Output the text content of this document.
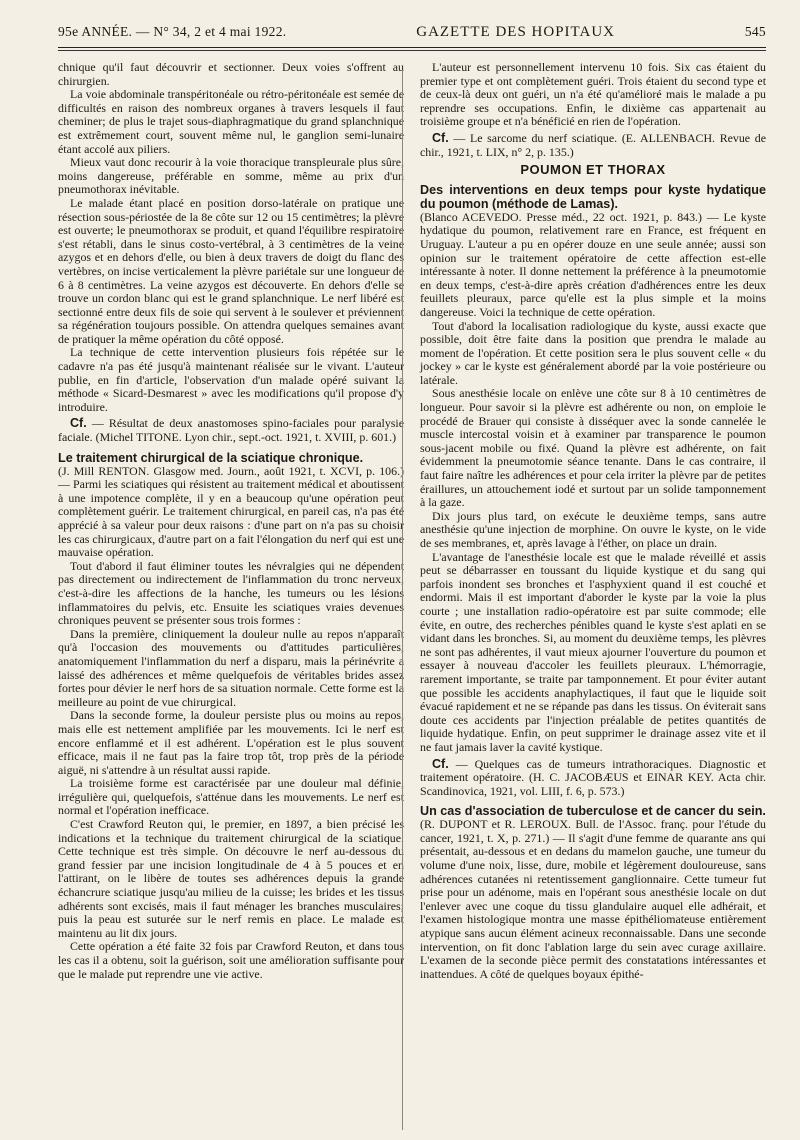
95e ANNÉE. — N° 34, 2 et 4 mai 1922.	GAZETTE DES HOPITAUX	545

chnique qu'il faut découvrir et sectionner. Deux voies s'offrent au chirurgien.

La voie abdominale transpéritonéale ou rétro-péritonéale est semée de difficultés en raison des nombreux organes à travers lesquels il faut cheminer; de plus le trajet sous-diaphragmatique du grand splanchnique est extrêmement court, souvent même nul, le ganglion semi-lunaire étant accolé aux piliers.

Mieux vaut donc recourir à la voie thoracique transpleurale plus sûre, moins dangereuse, préférable en somme, même au prix d'un pneumothorax inévitable.

Le malade étant placé en position dorso-latérale on pratique une résection sous-périostée de la 8e côte sur 12 ou 15 centimètres; la plèvre est ouverte; le pneumothorax se produit, et quand l'équilibre respiratoire s'est rétabli, dans le sinus costo-vertébral, à 3 centimètres de la veine azygos et en dehors d'elle, ou bien à deux travers de doigt du flanc des vertèbres, on incise verticalement la plèvre pariétale sur une longueur de 6 à 8 centimètres. La veine azygos est découverte. En dehors d'elle se trouve un cordon blanc qui est le grand splanchnique. Le nerf libéré est sectionné entre deux fils de soie qui servent à le soulever et préviennent sa régénération toujours possible. On attendra quelques semaines avant de pratiquer la même opération du côté opposé.

La technique de cette intervention plusieurs fois répétée sur le cadavre n'a pas été jusqu'à maintenant réalisée sur le vivant. L'auteur publie, en fin d'article, l'observation d'un malade opéré suivant la méthode « Sicard-Desmarest » avec les modifications qu'il propose d'y introduire.

Cf. — Résultat de deux anastomoses spino-faciales pour paralysie faciale. (Michel TITONE. Lyon chir., sept.-oct. 1921, t. XVIII, p. 601.)

Le traitement chirurgical de la sciatique chronique.

(J. Mill RENTON. Glasgow med. Journ., août 1921, t. XCVI, p. 106.) — Parmi les sciatiques qui résistent au traitement médical et aboutissent à une impotence complète, il y en a beaucoup qu'une opération peut complètement guérir. Le traitement chirurgical, en pareil cas, n'a pas été apprécié à sa valeur pour deux raisons : d'une part on n'a pas su choisir les cas chirurgicaux, d'autre part on a fait l'élongation du nerf qui est une mauvaise opération.

Tout d'abord il faut éliminer toutes les névralgies qui ne dépendent pas directement ou indirectement de l'inflammation du tronc nerveux, c'est-à-dire les affections de la hanche, les tumeurs ou les lésions inflammatoires du pelvis, etc. Ensuite les sciatiques vraies devenues chroniques peuvent se présenter sous trois formes :

Dans la première, cliniquement la douleur nulle au repos n'apparaît qu'à l'occasion des mouvements ou d'attitudes particulières, anatomiquement l'inflammation du nerf a disparu, mais la périnévrite a laissé des adhérences et même quelquefois de véritables brides assez fortes pour dévier le nerf hors de sa situation normale. Cette forme est la meilleure au point de vue chirurgical.

Dans la seconde forme, la douleur persiste plus ou moins au repos, mais elle est nettement amplifiée par les mouvements. Ici le nerf est encore enflammé et il est adhérent. L'opération est le plus souvent efficace, mais il ne faut pas la faire trop tôt, trop près de la période aiguë, ni s'attendre à un résultat aussi rapide.

La troisième forme est caractérisée par une douleur mal définie, irrégulière qui, quelquefois, s'atténue dans les mouvements. Le nerf est normal et l'opération inefficace.

C'est Crawford Reuton qui, le premier, en 1897, a bien précisé les indications et la technique du traitement chirurgical de la sciatique. Cette technique est très simple. On découvre le nerf au-dessous du grand fessier par une incision longitudinale de 4 à 5 pouces et en l'attirant, on le libère de toutes ses adhérences depuis la grande échancrure sciatique jusqu'au milieu de la cuisse; les brides et les tissus adhérents sont excisés, mais il faut ménager les branches musculaires; puis la peau est suturée sur le nerf remis en place. Le malade est maintenu au lit dix jours.

Cette opération a été faite 32 fois par Crawford Reuton, et dans tous les cas il a obtenu, soit la guérison, soit une amélioration suffisante pour que le malade put reprendre une vie active.

L'auteur est personnellement intervenu 10 fois. Six cas étaient du premier type et ont complètement guéri. Trois étaient du second type et de ceux-là deux ont guéri, un n'a été qu'amélioré mais le malade a pu reprendre ses occupations. Enfin, le dixième cas appartenait au troisième groupe et n'a bénéficié en rien de l'opération.

Cf. — Le sarcome du nerf sciatique. (E. ALLENBACH. Revue de chir., 1921, t. LIX, n° 2, p. 135.)

POUMON ET THORAX

Des interventions en deux temps pour kyste hydatique du poumon (méthode de Lamas).

(Blanco ACEVEDO. Presse méd., 22 oct. 1921, p. 843.) — Le kyste hydatique du poumon, relativement rare en France, est fréquent en Uruguay. L'auteur a pu en opérer douze en une seule année; aussi son opinion sur le traitement opératoire de cette affection est-elle intéressante à noter. Il donne nettement la préférence à la pneumotomie en deux temps, c'est-à-dire après création d'adhérences entre les deux feuillets pleuraux, parce qu'elle est la plus simple et la moins dangereuse. Voici la technique de cette opération.

Tout d'abord la localisation radiologique du kyste, aussi exacte que possible, doit être faite dans la position que prendra le malade au moment de l'opération. Et cette position sera le plus souvent celle « du jockey » car le kyste est généralement abordé par la voie postérieure ou latérale.

Sous anesthésie locale on enlève une côte sur 8 à 10 centimètres de longueur. Pour savoir si la plèvre est adhérente ou non, on emploie le procédé de Brauer qui consiste à disséquer avec la sonde cannelée le muscle intercostal voisin et à examiner par transparence le poumon sous-jacent mobile ou fixé. Quand la plèvre est adhérente, on fait évidemment la pneumotomie séance tenante. Dans le cas contraire, il faut faire naître les adhérences et pour cela irriter la plèvre par de petites éraillures, un attouchement iodé et surtout par un solide tamponnement à la gaze.

Dix jours plus tard, on exécute le deuxième temps, sans autre anesthésie qu'une injection de morphine. On ouvre le kyste, on le vide de ses membranes, et, après lavage à l'éther, on place un drain.

L'avantage de l'anesthésie locale est que le malade réveillé et assis peut se débarrasser en toussant du liquide kystique et du sang qui parfois inondent ses bronches et l'asphyxient quand il est couché et endormi. Mais il est important d'aborder le kyste par la voie la plus courte ; une installation radio-opératoire est par suite commode; elle évite, en outre, des recherches pénibles quand le kyste s'est aplati en se vidant dans les bronches. Si, au moment du deuxième temps, les plèvres ne sont pas adhérentes, il vaut mieux ajourner l'ouverture du poumon et essayer à nouveau d'accoler les feuillets pleuraux. L'hémorragie, rarement importante, se traite par tamponnement. Et pour éviter autant que possible les accidents anaphylactiques, il faut que le liquide soit évacué rapidement et ne se répande pas dans les tissus. On éviterait sans doute ces accidents par l'injection préalable de petites quantités de liquide hydatique. Enfin, on peut supprimer le drainage assez vite et il ne faut jamais laver la cavité kystique.

Cf. — Quelques cas de tumeurs intrathoraciques. Diagnostic et traitement opératoire. (H. C. JACOBÆUS et EINAR KEY. Acta chir. Scandinovica, 1921, vol. LIII, f. 6, p. 573.)

Un cas d'association de tuberculose et de cancer du sein.

(R. DUPONT et R. LEROUX. Bull. de l'Assoc. franç. pour l'étude du cancer, 1921, t. X, p. 271.) — Il s'agit d'une femme de quarante ans qui présentait, au-dessous et en dedans du mamelon gauche, une tumeur du volume d'une noix, lisse, dure, mobile et légèrement douloureuse, sans adhérences cutanées ni retentissement ganglionnaire. Cette tumeur fut prise pour un adénome, mais en l'opérant sous anesthésie locale on dut l'enlever avec une coque du tissu glandulaire auquel elle adhérait, et l'examen histologique montra une masse épithéliomateuse entièrement atypique sans aucun élément acineux reconnaissable. Dans une seconde intervention, on fit donc l'ablation large du sein avec curage axillaire. L'examen de la seconde pièce permit des constatations intéressantes et inattendues. A côté de quelques boyaux épithé-
